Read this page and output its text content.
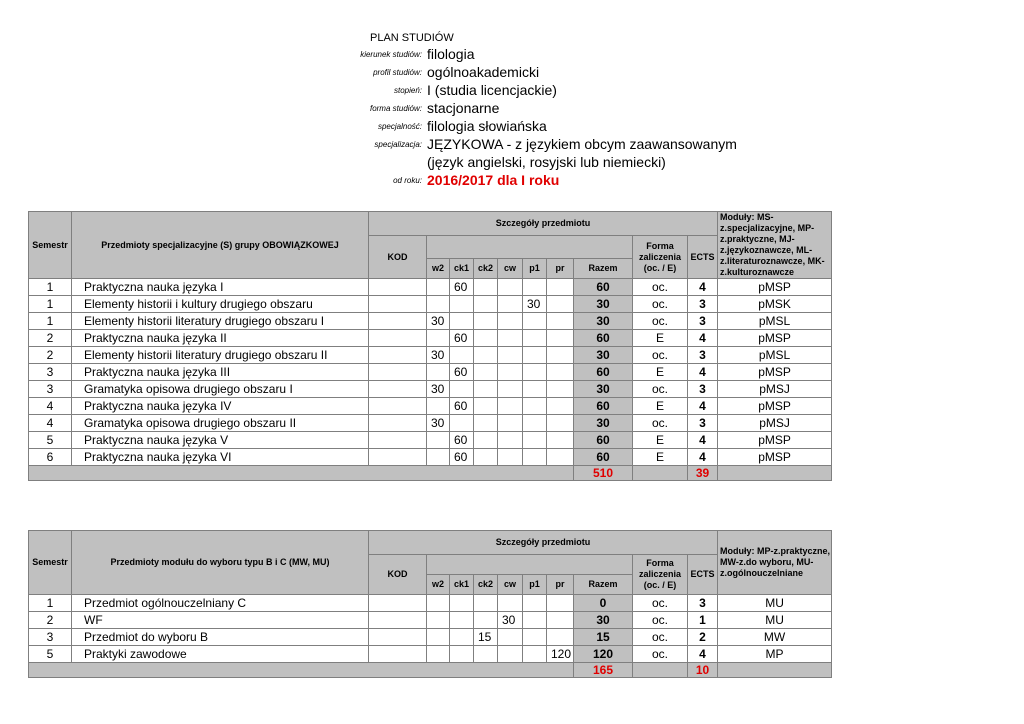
PLAN STUDIÓW
kierunek studiów: filologia
profil studiów: ogólnoakademicki
stopień: I (studia licencjackie)
forma studiów: stacjonarne
specjalność: filologia słowiańska
specjalizacja: JĘZYKOWA - z językiem obcym zaawansowanym
(język angielski, rosyjski lub niemiecki)
od roku: 2016/2017 dla I roku
Semestr	Przedmioty specjalizacyjne (S) grupy OBOWIĄZKOWEJ	Szczegóły przedmiotu										Moduły: MS-z.specjalizacyjne, MP-z.praktyczne, MJ-z.językoznawcze, ML-z.literaturoznawcze, MK-z.kulturoznawcze
		KOD								Forma zaliczenia (oc. / E)	ECTS	
			w2	ck1	ck2	cw	p1	pr	Razem			
1	Praktyczna nauka języka I			60					60	oc.	4	pMSP
1	Elementy historii i kultury drugiego obszaru						30		30	oc.	3	pMSK
1	Elementy historii literatury drugiego obszaru I		30						30	oc.	3	pMSL
2	Praktyczna nauka języka II			60					60	E	4	pMSP
2	Elementy historii literatury drugiego obszaru II		30						30	oc.	3	pMSL
3	Praktyczna nauka języka III			60					60	E	4	pMSP
3	Gramatyka opisowa drugiego obszaru I		30						30	oc.	3	pMSJ
4	Praktyczna nauka języka IV			60					60	E	4	pMSP
4	Gramatyka opisowa drugiego obszaru II		30						30	oc.	3	pMSJ
5	Praktyczna nauka języka V			60					60	E	4	pMSP
6	Praktyczna nauka języka VI			60					60	E	4	pMSP
									510		39	
Semestr	Przedmioty modułu do wyboru typu B i C (MW, MU)	Szczegóły przedmiotu										Moduły: MP-z.praktyczne, MW-z.do wyboru, MU-z.ogólnouczelniane
		KOD								Forma zaliczenia (oc. / E)	ECTS	
			w2	ck1	ck2	cw	p1	pr	Razem			
1	Przedmiot ogólnouczelniany C								0	oc.	3	MU
2	WF					30			30	oc.	1	MU
3	Przedmiot do wyboru B				15				15	oc.	2	MW
5	Praktyki zawodowe							120	120	oc.	4	MP
									165		10	
